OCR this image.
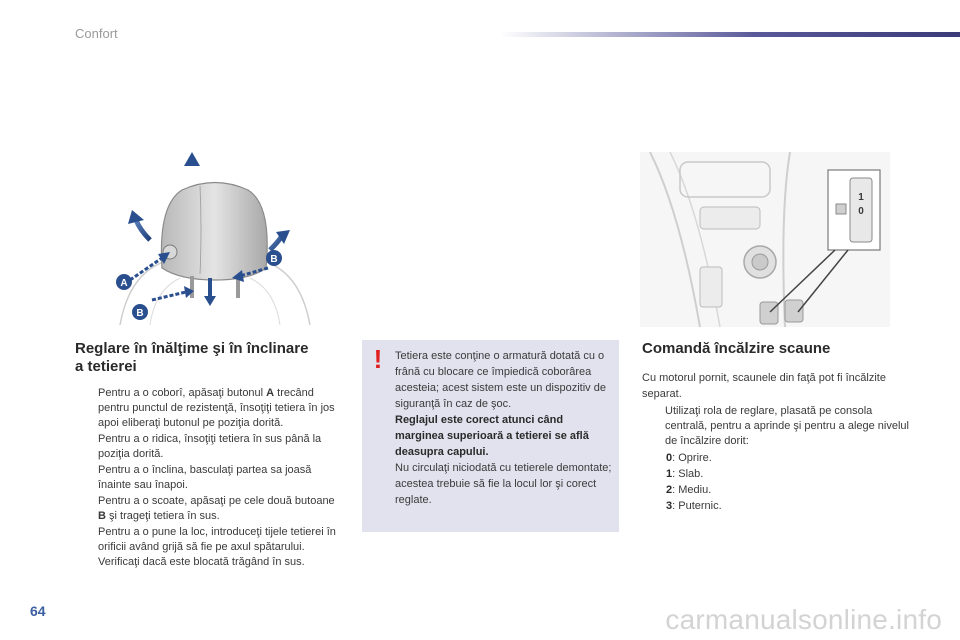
Confort
A
B
B
1
0
Reglare în înălţime şi în înclinare
a tetierei
Pentru a o coborî, apăsaţi butonul A trecând pentru punctul de rezistenţă, însoţiţi tetiera în jos apoi eliberaţi butonul pe poziţia dorită.
Pentru a o ridica, însoţiţi tetiera în sus până la poziţia dorită.
Pentru a o înclina, basculaţi partea sa joasă înainte sau înapoi.
Pentru a o scoate, apăsaţi pe cele două butoane B şi trageţi tetiera în sus.
Pentru a o pune la loc, introduceţi tijele tetierei în orificii având grijă să fie pe axul spătarului.
Verificaţi dacă este blocată trăgând în sus.
!	Tetiera este conţine o armatură dotată cu o frână cu blocare ce împiedică coborârea acesteia; acest sistem este un dispozitiv de siguranţă în caz de şoc.
Reglajul este corect atunci când marginea superioară a tetierei se află deasupra capului.
Nu circulaţi niciodată cu tetierele demontate; acestea trebuie să fie la locul lor şi corect reglate.
Comandă încălzire scaune

Cu motorul pornit, scaunele din faţă pot fi încălzite separat.

Utilizaţi rola de reglare, plasată pe consola centrală, pentru a aprinde şi pentru a alege nivelul de încălzire dorit:
0: Oprire.
1: Slab.
2: Mediu.
3: Puternic.
64	carmanualsonline.info
